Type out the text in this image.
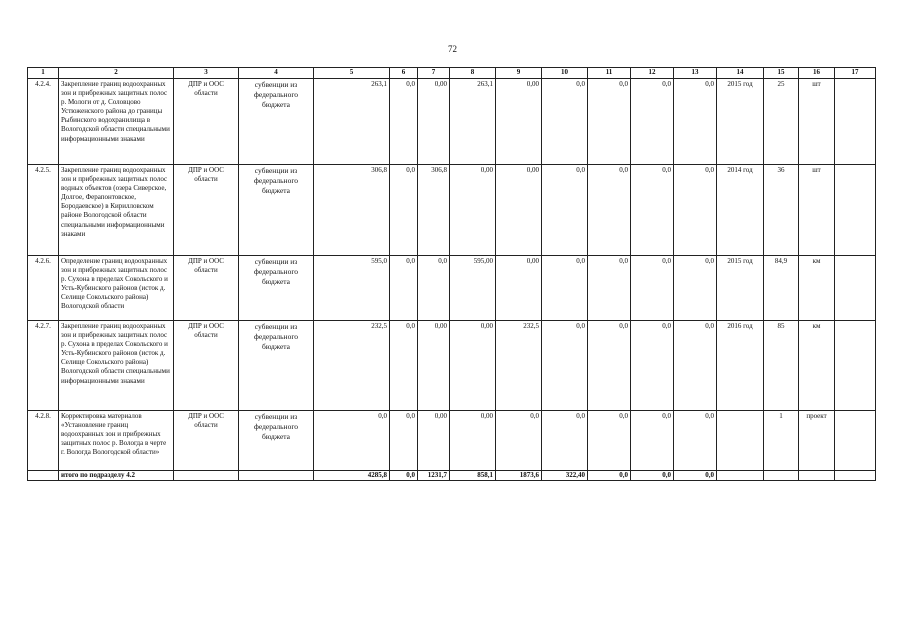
72
1	2	3	4	5	6	7	8	9	10	11	12	13	14	15	16	17
4.2.4.	Закрепление границ водоохранных зон и прибрежных защитных полос р. Мологи от д. Соловцово Устюженского района до границы Рыбинского водохранилища в Вологодской области специальными информационными знаками	ДПР и ООС области	субвенции из федерального бюджета	263,1	0,0	0,00	263,1	0,00	0,0	0,0	0,0	0,0	2015 год	25	шт	
4.2.5.	Закрепление границ водоохранных зон и прибрежных защитных полос водных объектов (озера Сиверское, Долгое, Ферапонтовское, Бородаевское) в Кирилловском районе Вологодской области специальными информационными знаками	ДПР и ООС области	субвенции из федерального бюджета	306,8	0,0	306,8	0,00	0,00	0,0	0,0	0,0	0,0	2014 год	36	шт	
4.2.6.	Определение границ водоохранных зон и прибрежных защитных полос р. Сухона в пределах Сокольского и Усть-Кубинского районов (исток д. Селище Сокольского района) Вологодской области	ДПР и ООС области	субвенции из федерального бюджета	595,0	0,0	0,0	595,00	0,00	0,0	0,0	0,0	0,0	2015 год	84,9	км	
4.2.7.	Закрепление границ водоохранных зон и прибрежных защитных полос р. Сухона в пределах Сокольского и Усть-Кубинского районов (исток д. Селище Сокольского района) Вологодской области специальными информационными знаками	ДПР и ООС области	субвенции из федерального бюджета	232,5	0,0	0,00	0,00	232,5	0,0	0,0	0,0	0,0	2016 год	85	км	
4.2.8.	Корректировка материалов «Установление границ водоохранных зон и прибрежных защитных полос р. Вологда в черте г. Вологда Вологодской области»	ДПР и ООС области	субвенции из федерального бюджета	0,0	0,0	0,00	0,00	0,0	0,0	0,0	0,0	0,0		1	проект	
	итого по подразделу 4.2			4285,8	0,0	1231,7	858,1	1873,6	322,40	0,0	0,0	0,0				
